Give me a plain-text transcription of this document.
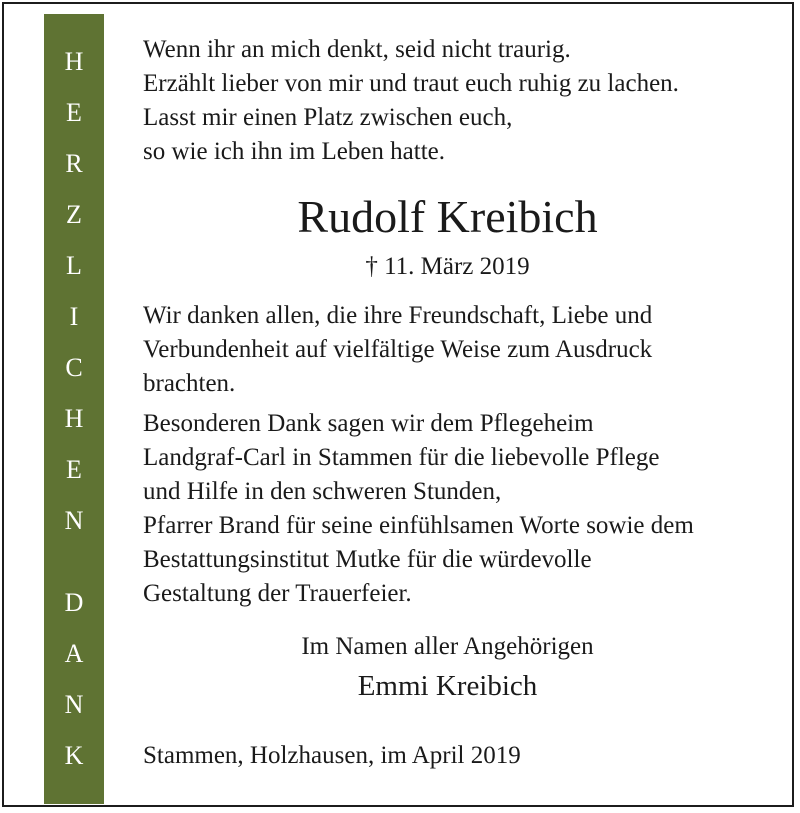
H
E
R
Z
L
I
C
H
E
N
D
A
N
K
Wenn ihr an mich denkt, seid nicht traurig.
Erzählt lieber von mir und traut euch ruhig zu lachen.
Lasst mir einen Platz zwischen euch,
so wie ich ihn im Leben hatte.
Rudolf Kreibich
† 11. März 2019
Wir danken allen, die ihre Freundschaft, Liebe und
Verbundenheit auf vielfältige Weise zum Ausdruck
brachten.
Besonderen Dank sagen wir dem Pflegeheim
Landgraf-Carl in Stammen für die liebevolle Pflege
und Hilfe in den schweren Stunden,
Pfarrer Brand für seine einfühlsamen Worte sowie dem
Bestattungsinstitut Mutke für die würdevolle
Gestaltung der Trauerfeier.
Im Namen aller Angehörigen
Emmi Kreibich
Stammen, Holzhausen, im April 2019
